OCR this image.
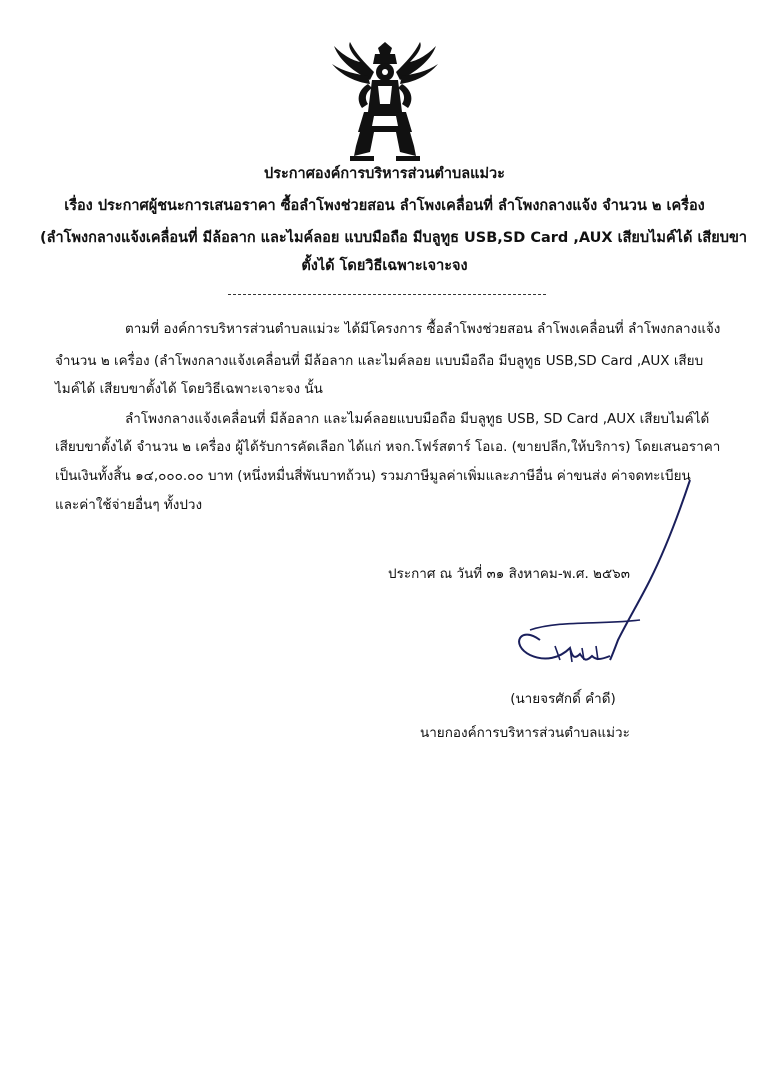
ประกาศองค์การบริหารส่วนตำบลแม่วะ
เรื่อง ประกาศผู้ชนะการเสนอราคา ซื้อลำโพงช่วยสอน ลำโพงเคลื่อนที่ ลำโพงกลางแจ้ง จำนวน ๒ เครื่อง
(ลำโพงกลางแจ้งเคลื่อนที่ มีล้อลาก และไมค์ลอย แบบมือถือ มีบลูทูธ USB,SD Card ,AUX เสียบไมค์ได้ เสียบขา
ตั้งได้ โดยวิธีเฉพาะเจาะจง
ตามที่ องค์การบริหารส่วนตำบลแม่วะ ได้มีโครงการ ซื้อลำโพงช่วยสอน ลำโพงเคลื่อนที่ ลำโพงกลางแจ้ง
จำนวน ๒ เครื่อง (ลำโพงกลางแจ้งเคลื่อนที่ มีล้อลาก และไมค์ลอย แบบมือถือ มีบลูทูธ USB,SD Card ,AUX เสียบ
ไมค์ได้ เสียบขาตั้งได้ โดยวิธีเฉพาะเจาะจง นั้น
ลำโพงกลางแจ้งเคลื่อนที่ มีล้อลาก และไมค์ลอยแบบมือถือ มีบลูทูธ USB, SD Card ,AUX เสียบไมค์ได้
เสียบขาตั้งได้ จำนวน ๒ เครื่อง ผู้ได้รับการคัดเลือก ได้แก่ หจก.โฟร์สตาร์ โอเอ. (ขายปลีก,ให้บริการ) โดยเสนอราคา
เป็นเงินทั้งสิ้น ๑๔,๐๐๐.๐๐ บาท (หนึ่งหมื่นสี่พันบาทถ้วน) รวมภาษีมูลค่าเพิ่มและภาษีอื่น ค่าขนส่ง ค่าจดทะเบียน
และค่าใช้จ่ายอื่นๆ ทั้งปวง
ประกาศ ณ วันที่ ๓๑ สิงหาคม-พ.ศ. ๒๕๖๓
(นายจรศักดิ์ คำดี)
นายกองค์การบริหารส่วนตำบลแม่วะ
